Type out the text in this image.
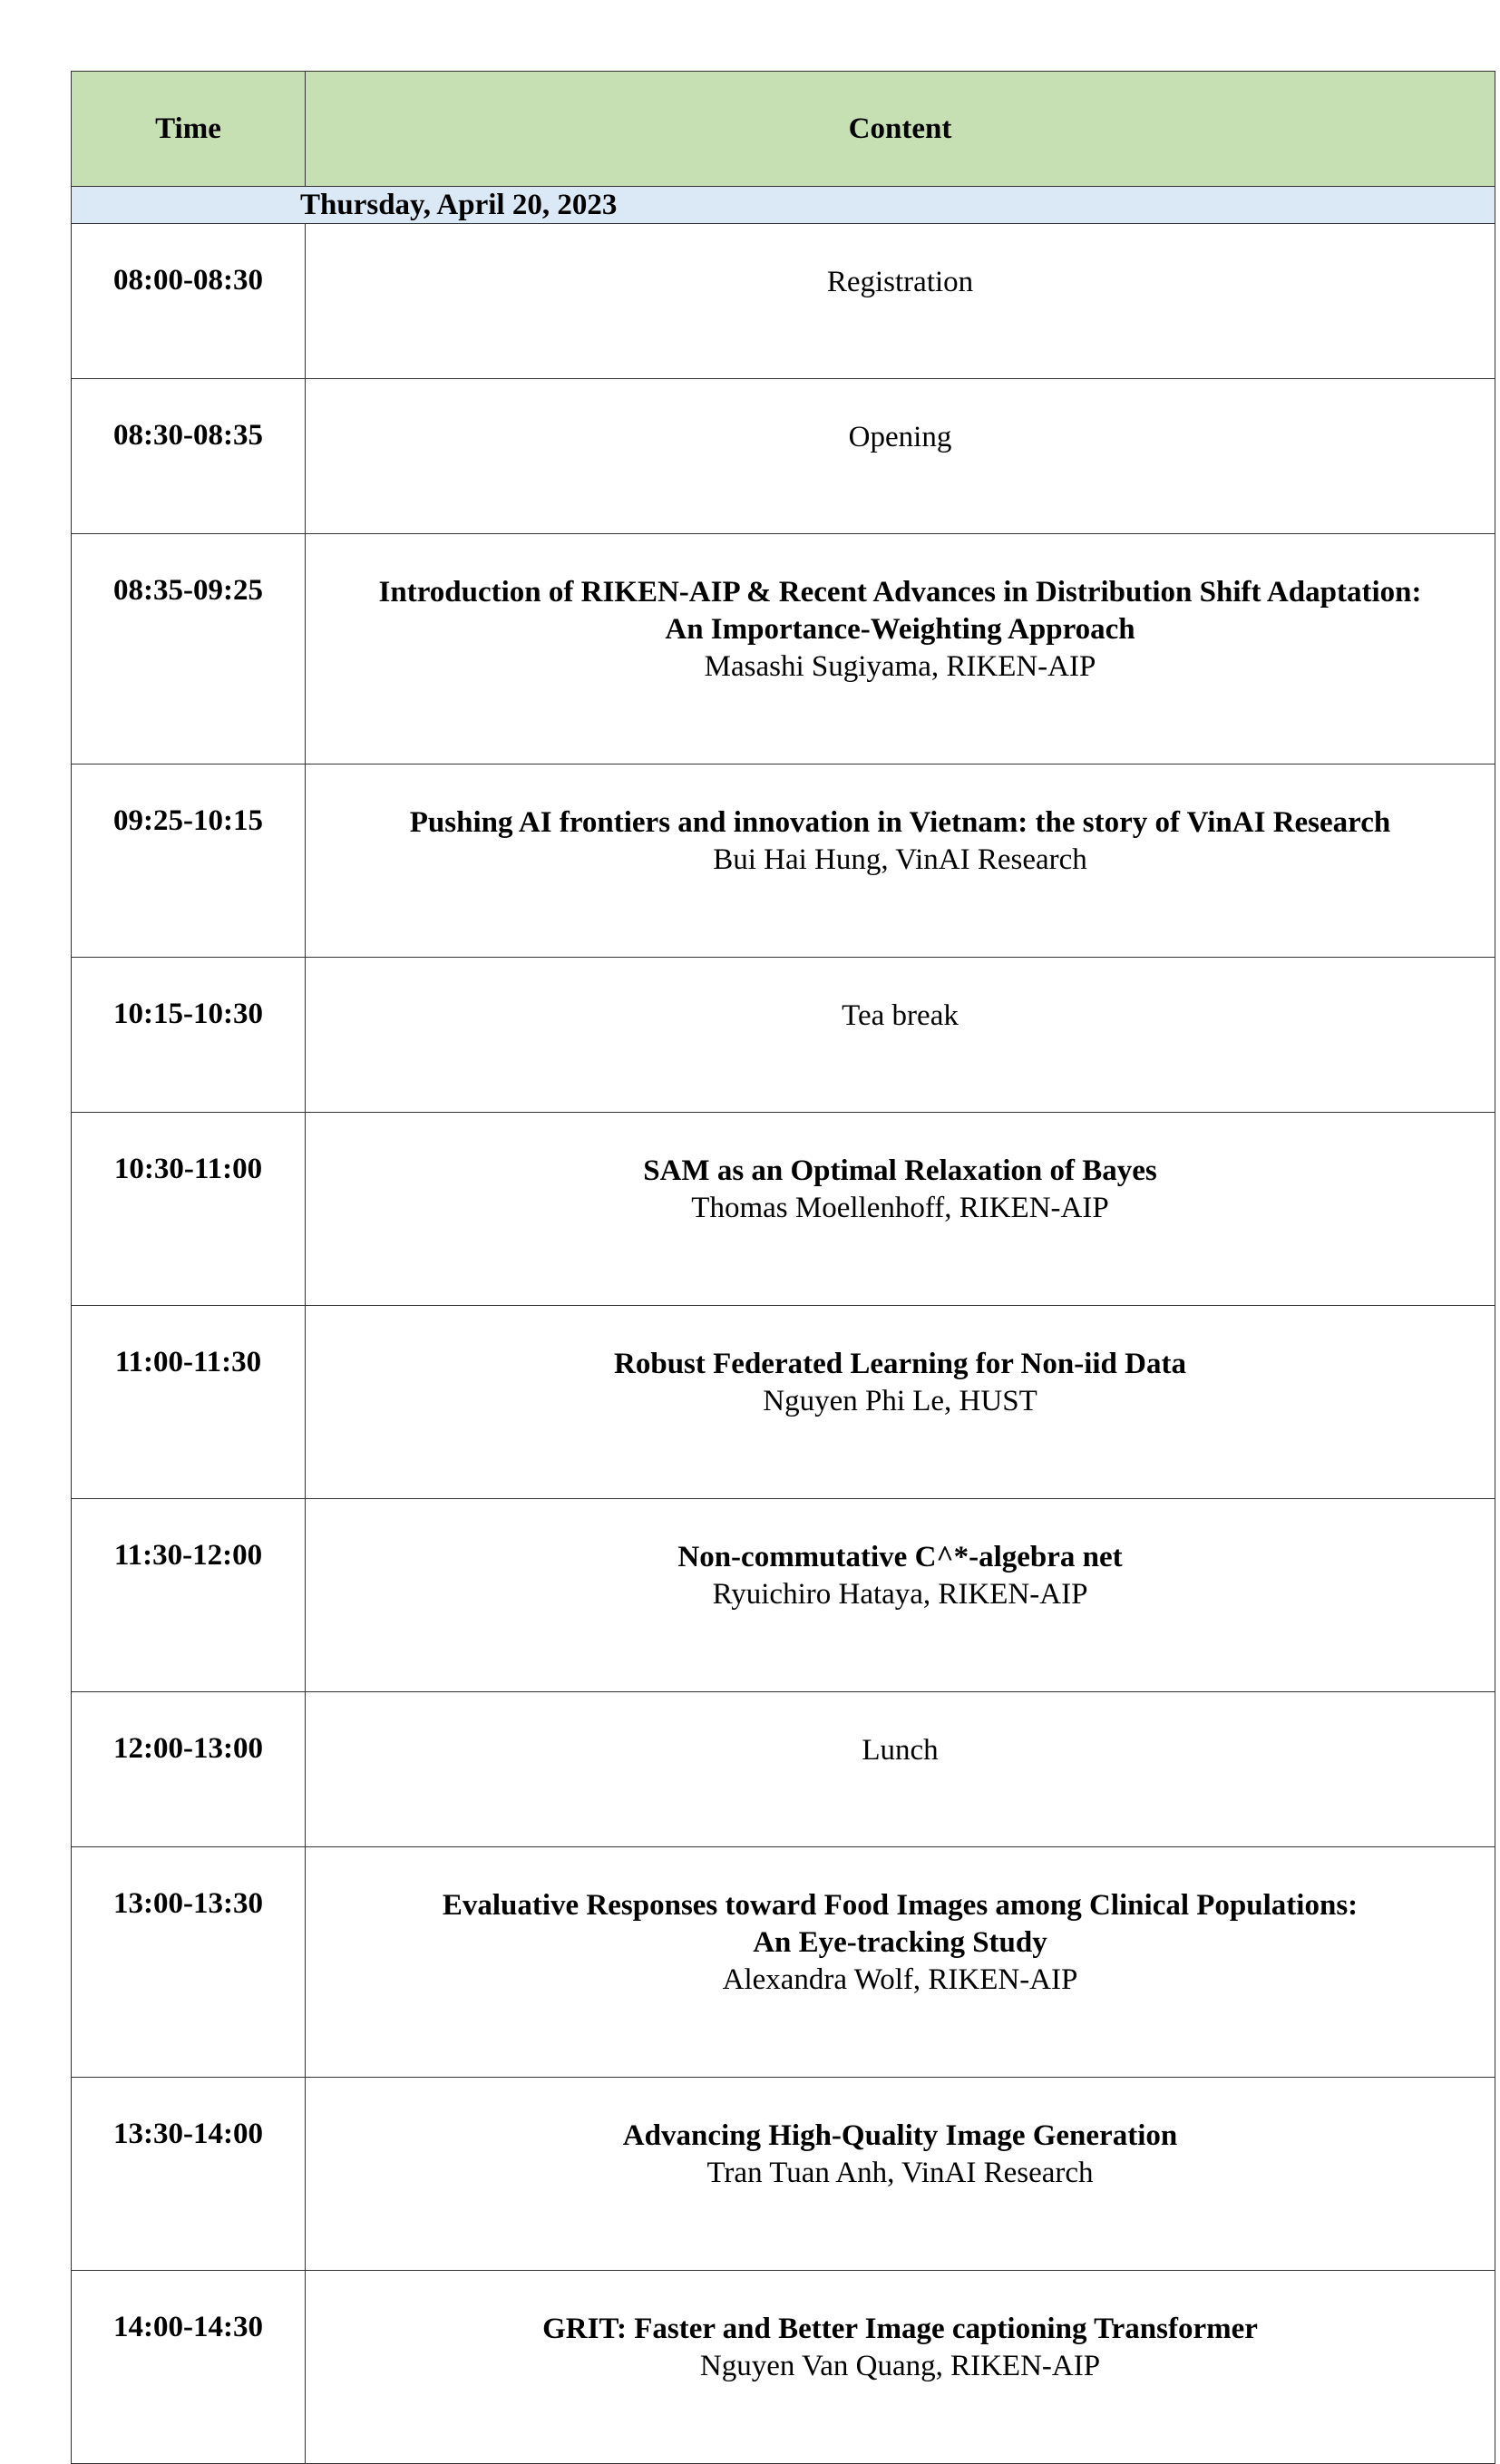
Time	Content
Thursday, April 20, 2023	
08:00-08:30	Registration

08:30-08:35	Opening

08:35-09:25	Introduction of RIKEN-AIP & Recent Advances in Distribution Shift Adaptation:
An Importance-Weighting Approach
Masashi Sugiyama, RIKEN-AIP

09:25-10:15	Pushing AI frontiers and innovation in Vietnam: the story of VinAI Research
Bui Hai Hung, VinAI Research

10:15-10:30	Tea break

10:30-11:00	SAM as an Optimal Relaxation of Bayes
Thomas Moellenhoff, RIKEN-AIP

11:00-11:30	Robust Federated Learning for Non-iid Data
Nguyen Phi Le, HUST

11:30-12:00	Non-commutative C^*-algebra net
Ryuichiro Hataya, RIKEN-AIP

12:00-13:00	Lunch

13:00-13:30	Evaluative Responses toward Food Images among Clinical Populations:
An Eye-tracking Study
Alexandra Wolf, RIKEN-AIP

13:30-14:00	Advancing High-Quality Image Generation
Tran Tuan Anh, VinAI Research

14:00-14:30	GRIT: Faster and Better Image captioning Transformer
Nguyen Van Quang, RIKEN-AIP
